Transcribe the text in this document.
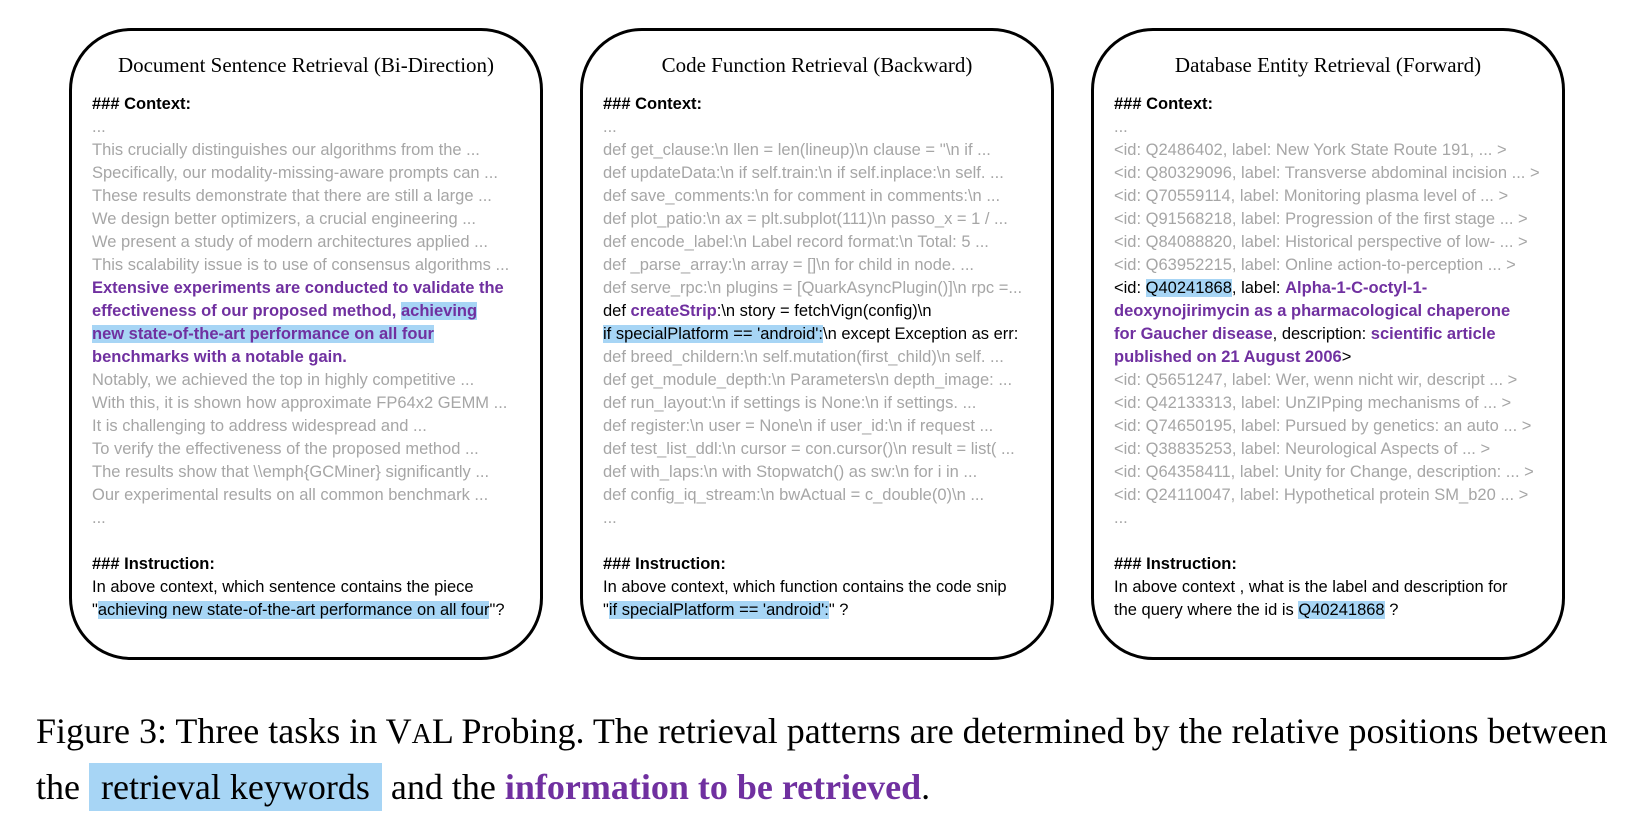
Document Sentence Retrieval (Bi-Direction)
### Context:
...
This crucially distinguishes our algorithms from the ...
Specifically, our modality-missing-aware prompts can ...
These results demonstrate that there are still a large ...
We design better optimizers, a crucial engineering ...
We present a study of modern architectures applied ...
This scalability issue is to use of consensus algorithms ...
Extensive experiments are conducted to validate the effectiveness of our proposed method, achieving new state-of-the-art performance on all four benchmarks with a notable gain.
Notably, we achieved the top in highly competitive ...
With this, it is shown how approximate FP64x2 GEMM ...
It is challenging to address widespread and ...
To verify the effectiveness of the proposed method ...
The results show that \\emph{GCMiner} significantly ...
Our experimental results on all common benchmark ...
...
### Instruction:
In above context, which sentence contains the piece
"achieving new state-of-the-art performance on all four"?
Code Function Retrieval (Backward)
### Context:
...
def get_clause:\n llen = len(lineup)\n clause = ''\n if ...
def updateData:\n if self.train:\n if self.inplace:\n self. ...
def save_comments:\n for comment in comments:\n ...
def plot_patio:\n ax = plt.subplot(111)\n passo_x = 1 / ...
def encode_label:\n Label record format:\n Total: 5 ...
def _parse_array:\n array = []\n for child in node. ...
def serve_rpc:\n plugins = [QuarkAsyncPlugin()]\n rpc =...
def createStrip:\n story = fetchVign(config)\n
if specialPlatform == 'android':\n except Exception as err:
def breed_childern:\n self.mutation(first_child)\n self. ...
def get_module_depth:\n Parameters\n depth_image: ...
def run_layout:\n if settings is None:\n if settings. ...
def register:\n user = None\n if user_id:\n if request ...
def test_list_ddl:\n cursor = con.cursor()\n result = list( ...
def with_laps:\n with Stopwatch() as sw:\n for i in ...
def config_iq_stream:\n bwActual = c_double(0)\n ...
...
### Instruction:
In above context, which function contains the code snip
"if specialPlatform == 'android':" ?
Database Entity Retrieval (Forward)
### Context:
...
<id: Q2486402, label: New York State Route 191, ... >
<id: Q80329096, label: Transverse abdominal incision ... >
<id: Q70559114, label: Monitoring plasma level of ... >
<id: Q91568218, label: Progression of the first stage ... >
<id: Q84088820, label: Historical perspective of low- ... >
<id: Q63952215, label: Online action-to-perception ... >
<id: Q40241868, label: Alpha-1-C-octyl-1-deoxynojirimycin as a pharmacological chaperone for Gaucher disease, description: scientific article published on 21 August 2006>
<id: Q5651247, label: Wer, wenn nicht wir, descript ... >
<id: Q42133313, label: UnZIPping mechanisms of ... >
<id: Q74650195, label: Pursued by genetics: an auto ... >
<id: Q38835253, label: Neurological Aspects of ... >
<id: Q64358411, label: Unity for Change, description: ... >
<id: Q24110047, label: Hypothetical protein SM_b20 ... >
...
### Instruction:
In above context , what is the label and description for the query where the id is Q40241868 ?
Figure 3: Three tasks in VAL Probing. The retrieval patterns are determined by the relative positions between the retrieval keywords and the information to be retrieved.
